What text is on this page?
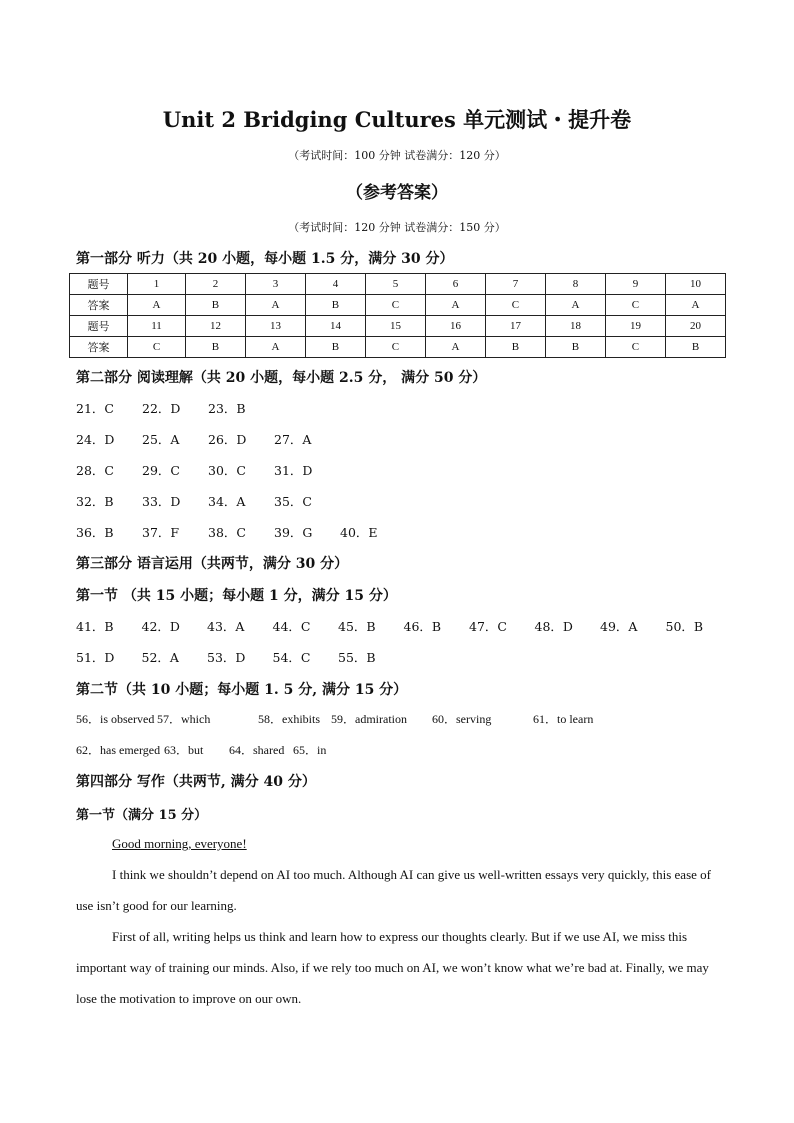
Unit 2 Bridging Cultures 单元测试・提升卷
（考试时间：100 分钟 试卷满分：120 分）
（参考答案）
（考试时间：120 分钟 试卷满分：150 分）
第一部分 听力（共 20 小题，每小题 1.5 分，满分 30 分）
题号	1	2	3	4	5	6	7	8	9	10
答案	A	B	A	B	C	A	C	A	C	A
题号	11	12	13	14	15	16	17	18	19	20
答案	C	B	A	B	C	A	B	B	C	B
第二部分 阅读理解（共 20 小题，每小题 2.5 分， 满分 50 分）
21．C 22．D 23．B
24．D 25．A 26．D 27．A
28．C 29．C 30．C 31．D
32．B 33．D 34．A 35．C
36．B 37．F 38．C 39．G 40．E
第三部分 语言运用（共两节，满分 30 分）
第一节 （共 15 小题；每小题 1 分，满分 15 分）
41．B 42．D 43．A 44．C 45．B 46．B 47．C 48．D 49．A 50．B
51．D 52．A 53．D 54．C 55．B
第二节（共 10 小题；每小题 1. 5 分, 满分 15 分）
56．is observed 57．which	58．exhibits 59．admiration 60．serving	61．to learn
62．has emerged 63．but 64．shared 65．in
第四部分 写作（共两节, 满分 40 分）
第一节（满分 15 分）

Good morning, everyone!

I think we shouldn’t depend on AI too much. Although AI can give us well-written essays very quickly, this ease of use isn’t good for our learning.

First of all, writing helps us think and learn how to express our thoughts clearly. But if we use AI, we miss this important way of training our minds. Also, if we rely too much on AI, we won’t know what we’re bad at. Finally, we may lose the motivation to improve on our own.
